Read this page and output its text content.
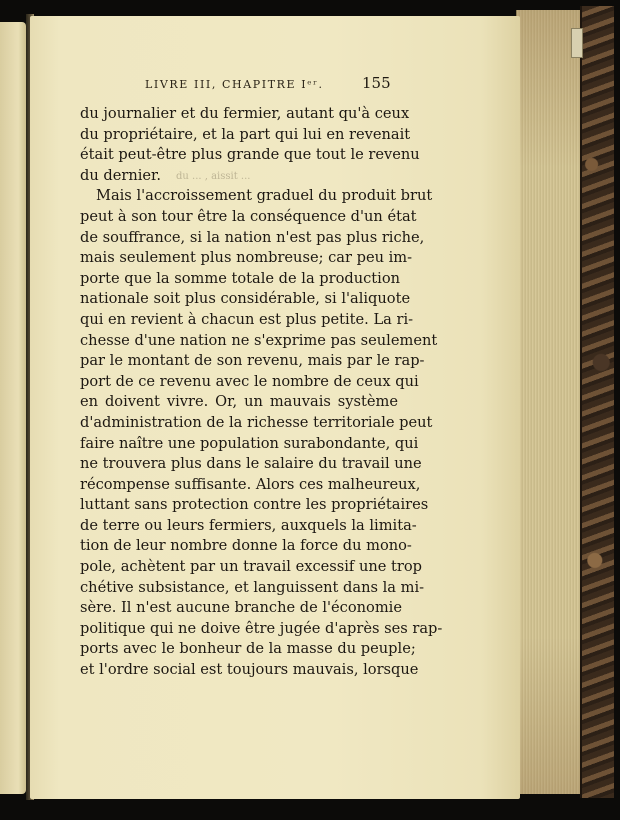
LIVRE III, CHAPITRE Iᵉʳ.	155
du ... , aissit ...
du journalier et du fermier, autant qu'à ceux
du propriétaire, et la part qui lui en revenait
était peut-être plus grande que tout le revenu
du dernier.
Mais l'accroissement graduel du produit brut
peut à son tour être la conséquence d'un état
de souffrance, si la nation n'est pas plus riche,
mais seulement plus nombreuse; car peu im-
porte que la somme totale de la production
nationale soit plus considérable, si l'aliquote
qui en revient à chacun est plus petite. La ri-
chesse d'une nation ne s'exprime pas seulement
par le montant de son revenu, mais par le rap-
port de ce revenu avec le nombre de ceux qui
en doivent vivre. Or, un mauvais système
d'administration de la richesse territoriale peut
faire naître une population surabondante, qui
ne trouvera plus dans le salaire du travail une
récompense suffisante. Alors ces malheureux,
luttant sans protection contre les propriétaires
de terre ou leurs fermiers, auxquels la limita-
tion de leur nombre donne la force du mono-
pole, achètent par un travail excessif une trop
chétive subsistance, et languissent dans la mi-
sère. Il n'est aucune branche de l'économie
politique qui ne doive être jugée d'après ses rap-
ports avec le bonheur de la masse du peuple;
et l'ordre social est toujours mauvais, lorsque
